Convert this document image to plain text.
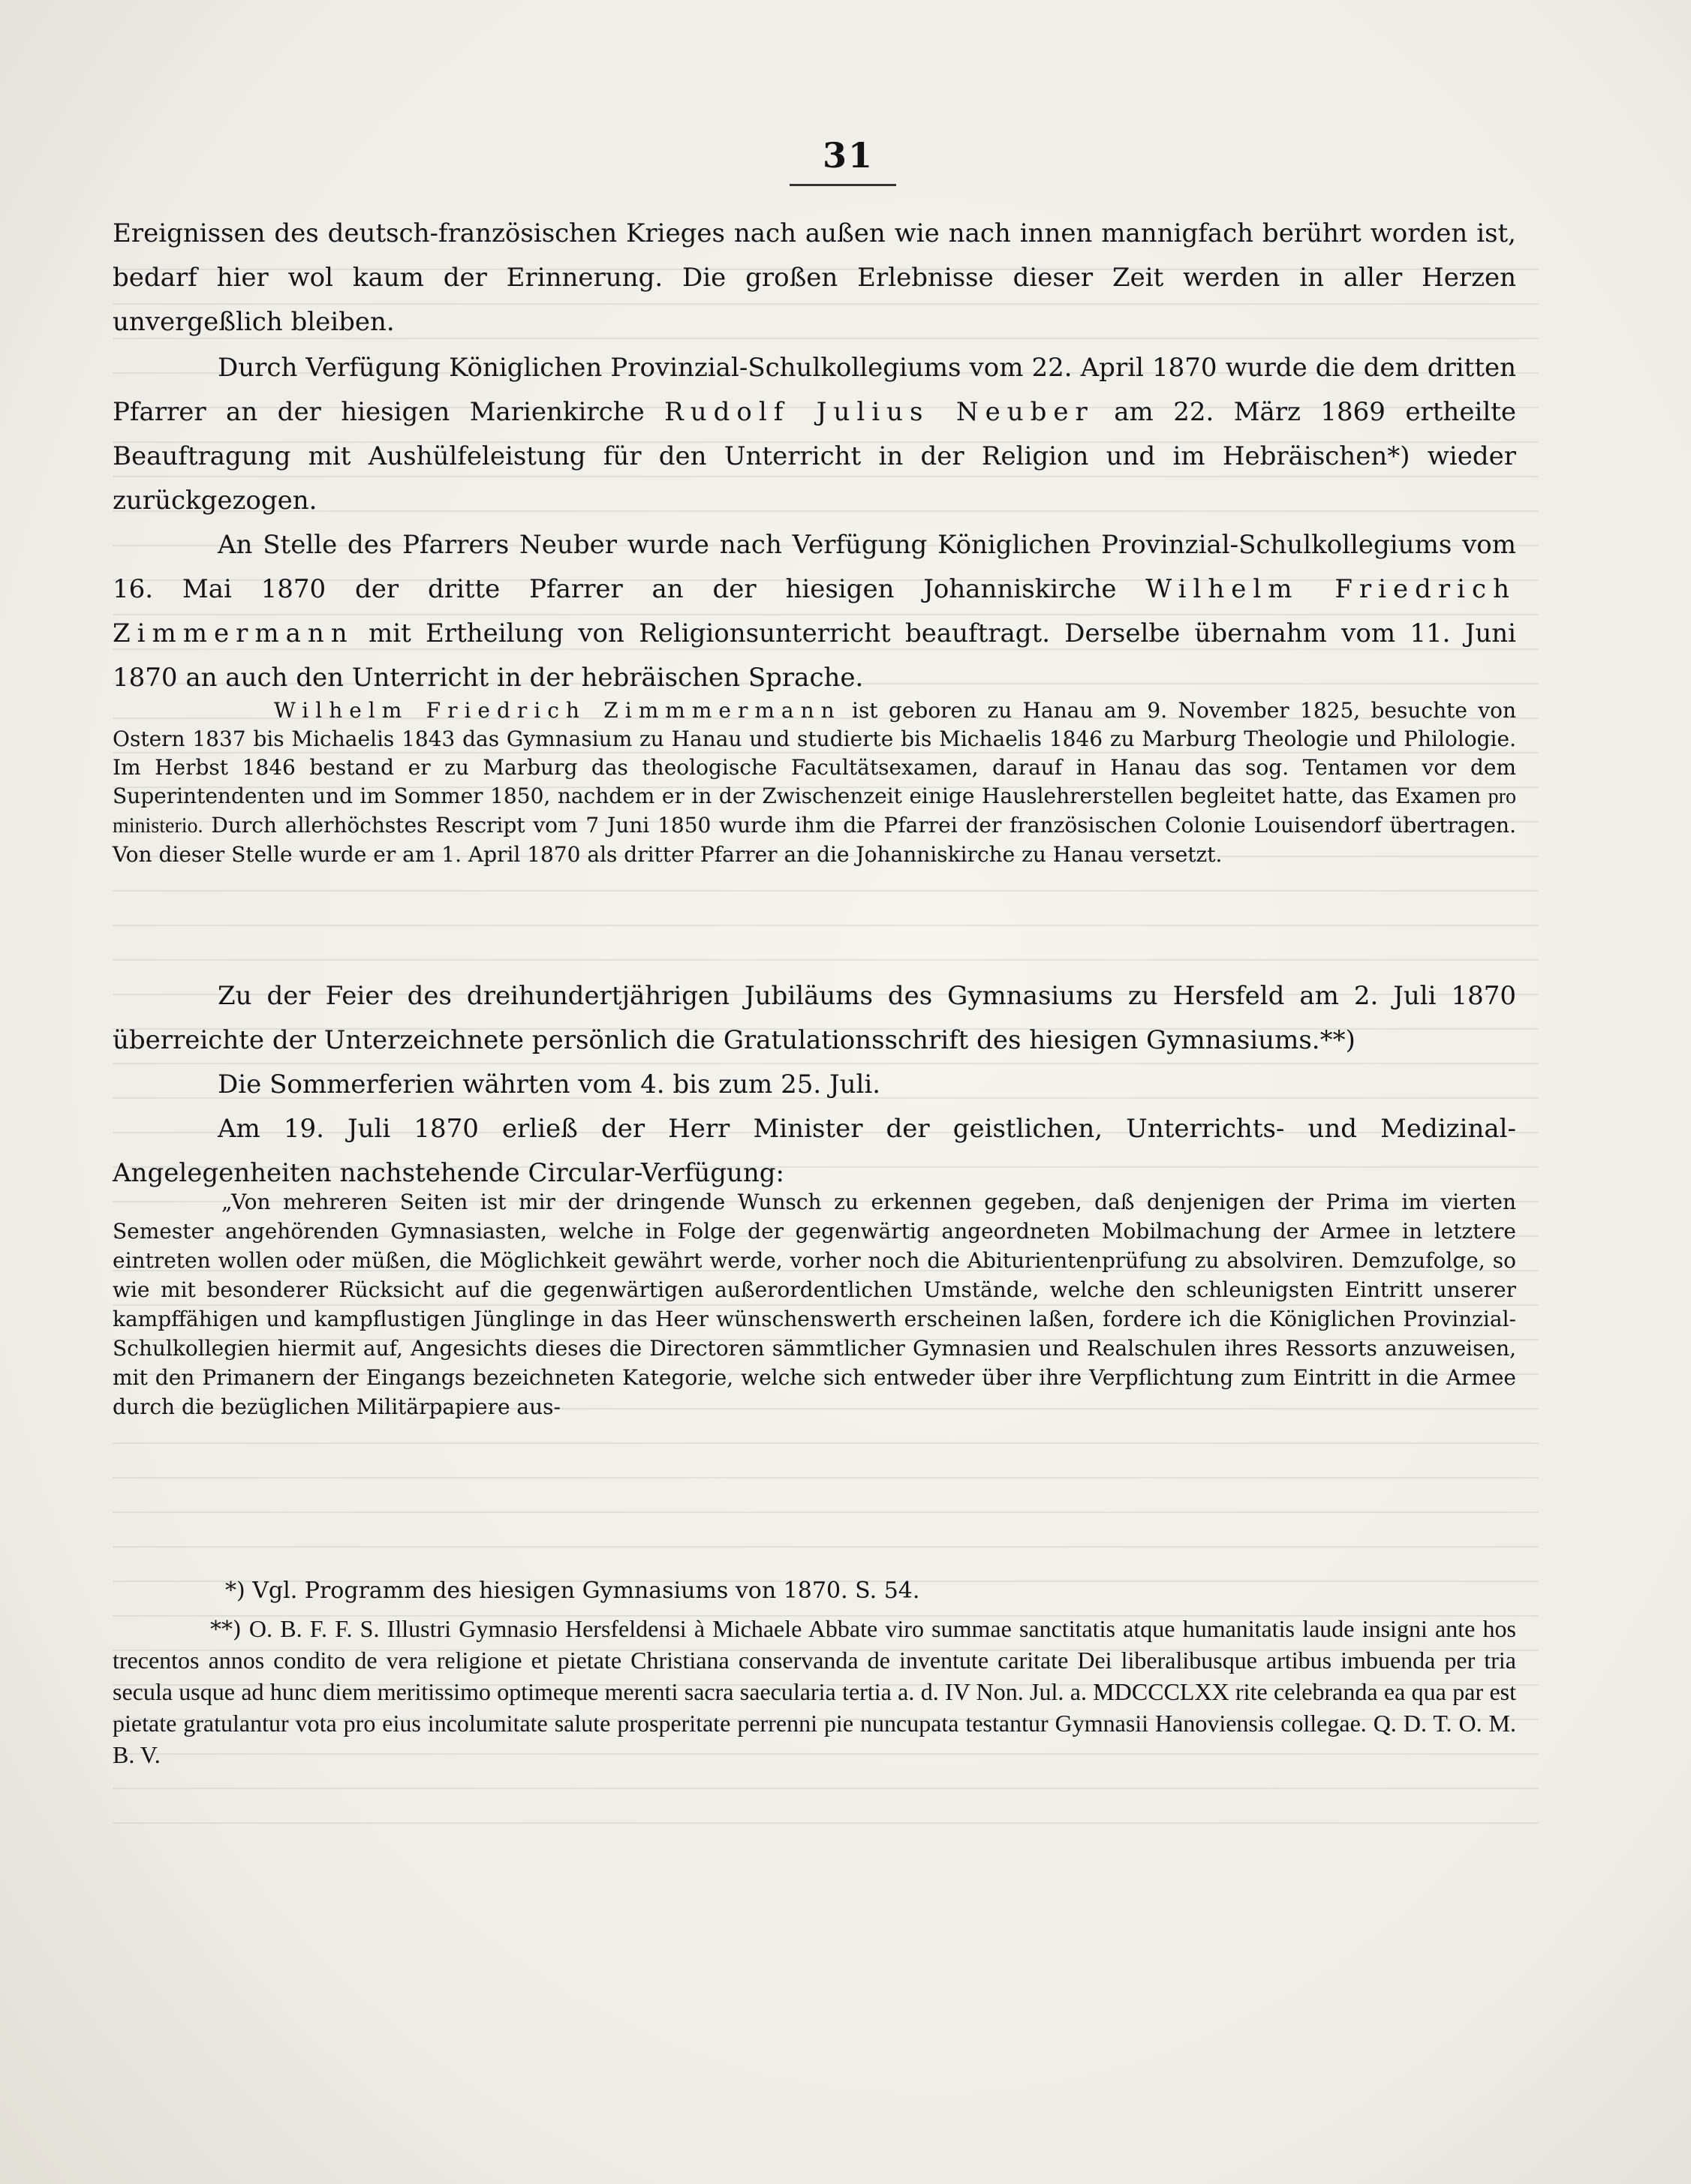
31

Ereignissen des deutsch-französischen Krieges nach außen wie nach innen mannigfach berührt worden ist, bedarf hier wol kaum der Erinnerung. Die großen Erlebnisse dieser Zeit werden in aller Herzen unvergeßlich bleiben.

Durch Verfügung Königlichen Provinzial-Schulkollegiums vom 22. April 1870 wurde die dem dritten Pfarrer an der hiesigen Marienkirche Rudolf Julius Neuber am 22. März 1869 ertheilte Beauftragung mit Aushülfeleistung für den Unterricht in der Religion und im Hebräischen*) wieder zurückgezogen.

An Stelle des Pfarrers Neuber wurde nach Verfügung Königlichen Provinzial-Schulkollegiums vom 16. Mai 1870 der dritte Pfarrer an der hiesigen Johanniskirche Wilhelm Friedrich Zimmermann mit Ertheilung von Religionsunterricht beauftragt. Derselbe übernahm vom 11. Juni 1870 an auch den Unterricht in der hebräischen Sprache.

Wilhelm Friedrich Zimmmermann ist geboren zu Hanau am 9. November 1825, besuchte von Ostern 1837 bis Michaelis 1843 das Gymnasium zu Hanau und studierte bis Michaelis 1846 zu Marburg Theologie und Philologie. Im Herbst 1846 bestand er zu Marburg das theologische Facultätsexamen, darauf in Hanau das sog. Tentamen vor dem Superintendenten und im Sommer 1850, nachdem er in der Zwischenzeit einige Hauslehrerstellen begleitet hatte, das Examen pro ministerio. Durch allerhöchstes Rescript vom 7 Juni 1850 wurde ihm die Pfarrei der französischen Colonie Louisendorf übertragen. Von dieser Stelle wurde er am 1. April 1870 als dritter Pfarrer an die Johanniskirche zu Hanau versetzt.

Zu der Feier des dreihundertjährigen Jubiläums des Gymnasiums zu Hersfeld am 2. Juli 1870 überreichte der Unterzeichnete persönlich die Gratulationsschrift des hiesigen Gymnasiums.**)

Die Sommerferien währten vom 4. bis zum 25. Juli.

Am 19. Juli 1870 erließ der Herr Minister der geistlichen, Unterrichts- und Medizinal-Angelegenheiten nachstehende Circular-Verfügung:

„Von mehreren Seiten ist mir der dringende Wunsch zu erkennen gegeben, daß denjenigen der Prima im vierten Semester angehörenden Gymnasiasten, welche in Folge der gegenwärtig angeordneten Mobilmachung der Armee in letztere eintreten wollen oder müßen, die Möglichkeit gewährt werde, vorher noch die Abiturientenprüfung zu absolviren. Demzufolge, so wie mit besonderer Rücksicht auf die gegenwärtigen außerordentlichen Umstände, welche den schleunigsten Eintritt unserer kampffähigen und kampflustigen Jünglinge in das Heer wünschenswerth erscheinen laßen, fordere ich die Königlichen Provinzial-Schulkollegien hiermit auf, Angesichts dieses die Directoren sämmtlicher Gymnasien und Realschulen ihres Ressorts anzuweisen, mit den Primanern der Eingangs bezeichneten Kategorie, welche sich entweder über ihre Verpflichtung zum Eintritt in die Armee durch die bezüglichen Militärpapiere aus-

*) Vgl. Programm des hiesigen Gymnasiums von 1870. S. 54.

**) O. B. F. F. S. Illustri Gymnasio Hersfeldensi à Michaele Abbate viro summae sanctitatis atque humanitatis laude insigni ante hos trecentos annos condito de vera religione et pietate Christiana conservanda de inventute caritate Dei liberalibusque artibus imbuenda per tria secula usque ad hunc diem meritissimo optimeque merenti sacra saecularia tertia a. d. IV Non. Jul. a. MDCCCLXX rite celebranda ea qua par est pietate gratulantur vota pro eius incolumitate salute prosperitate perrenni pie nuncupata testantur Gymnasii Hanoviensis collegae. Q. D. T. O. M. B. V.
